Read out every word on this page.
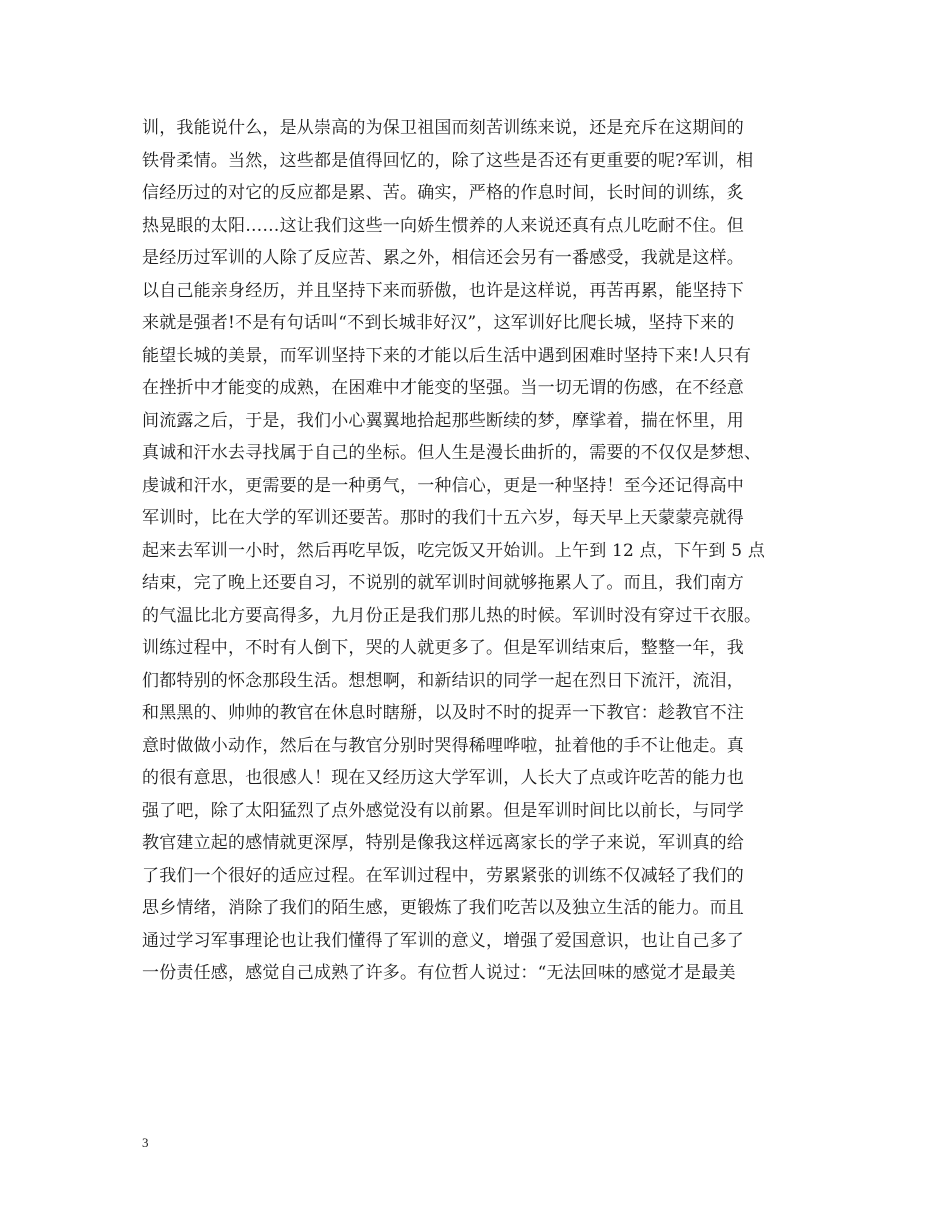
训，我能说什么，是从崇高的为保卫祖国而刻苦训练来说，还是充斥在这期间的
铁骨柔情。当然，这些都是值得回忆的，除了这些是否还有更重要的呢?军训，相
信经历过的对它的反应都是累、苦。确实，严格的作息时间，长时间的训练，炙
热晃眼的太阳……这让我们这些一向娇生惯养的人来说还真有点儿吃耐不住。但
是经历过军训的人除了反应苦、累之外，相信还会另有一番感受，我就是这样。
以自己能亲身经历，并且坚持下来而骄傲，也许是这样说，再苦再累，能坚持下
来就是强者!不是有句话叫“不到长城非好汉”，这军训好比爬长城，坚持下来的
能望长城的美景，而军训坚持下来的才能以后生活中遇到困难时坚持下来!人只有
在挫折中才能变的成熟，在困难中才能变的坚强。当一切无谓的伤感，在不经意
间流露之后，于是，我们小心翼翼地拾起那些断续的梦，摩挲着，揣在怀里，用
真诚和汗水去寻找属于自己的坐标。但人生是漫长曲折的，需要的不仅仅是梦想、
虔诚和汗水，更需要的是一种勇气，一种信心，更是一种坚持！至今还记得高中
军训时，比在大学的军训还要苦。那时的我们十五六岁，每天早上天蒙蒙亮就得
起来去军训一小时，然后再吃早饭，吃完饭又开始训。上午到 12 点，下午到 5 点
结束，完了晚上还要自习，不说别的就军训时间就够拖累人了。而且，我们南方
的气温比北方要高得多，九月份正是我们那儿热的时候。军训时没有穿过干衣服。
训练过程中，不时有人倒下，哭的人就更多了。但是军训结束后，整整一年，我
们都特别的怀念那段生活。想想啊，和新结识的同学一起在烈日下流汗，流泪，
和黑黑的、帅帅的教官在休息时瞎掰，以及时不时的捉弄一下教官：趁教官不注
意时做做小动作，然后在与教官分别时哭得稀哩哗啦，扯着他的手不让他走。真
的很有意思，也很感人！现在又经历这大学军训，人长大了点或许吃苦的能力也
强了吧，除了太阳猛烈了点外感觉没有以前累。但是军训时间比以前长，与同学
教官建立起的感情就更深厚，特别是像我这样远离家长的学子来说，军训真的给
了我们一个很好的适应过程。在军训过程中，劳累紧张的训练不仅减轻了我们的
思乡情绪，消除了我们的陌生感，更锻炼了我们吃苦以及独立生活的能力。而且
通过学习军事理论也让我们懂得了军训的意义，增强了爱国意识，也让自己多了
一份责任感，感觉自己成熟了许多。有位哲人说过：“无法回味的感觉才是最美
3
